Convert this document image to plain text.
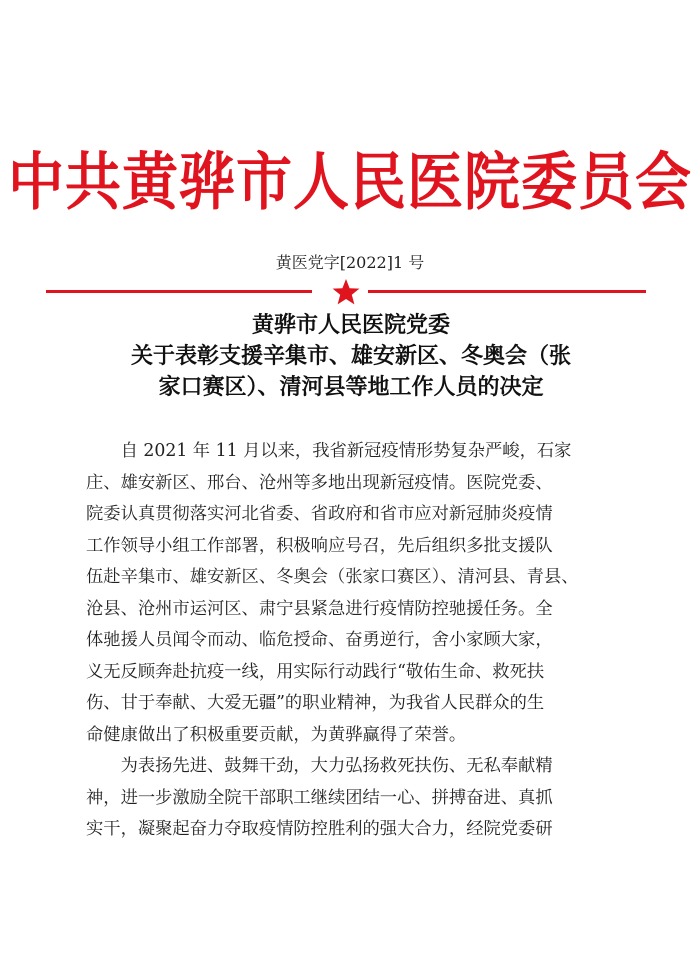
中共黄骅市人民医院委员会
黄医党字[2022]1 号
黄骅市人民医院党委
关于表彰支援辛集市、雄安新区、冬奥会（张
家口赛区）、清河县等地工作人员的决定
　　自 2021 年 11 月以来，我省新冠疫情形势复杂严峻，石家
庄、雄安新区、邢台、沧州等多地出现新冠疫情。医院党委、
院委认真贯彻落实河北省委、省政府和省市应对新冠肺炎疫情
工作领导小组工作部署，积极响应号召，先后组织多批支援队
伍赴辛集市、雄安新区、冬奥会（张家口赛区）、清河县、青县、
沧县、沧州市运河区、肃宁县紧急进行疫情防控驰援任务。全
体驰援人员闻令而动、临危授命、奋勇逆行，舍小家顾大家，
义无反顾奔赴抗疫一线，用实际行动践行“敬佑生命、救死扶
伤、甘于奉献、大爱无疆”的职业精神，为我省人民群众的生
命健康做出了积极重要贡献，为黄骅赢得了荣誉。
　　为表扬先进、鼓舞干劲，大力弘扬救死扶伤、无私奉献精
神，进一步激励全院干部职工继续团结一心、拼搏奋进、真抓
实干，凝聚起奋力夺取疫情防控胜利的强大合力，经院党委研
